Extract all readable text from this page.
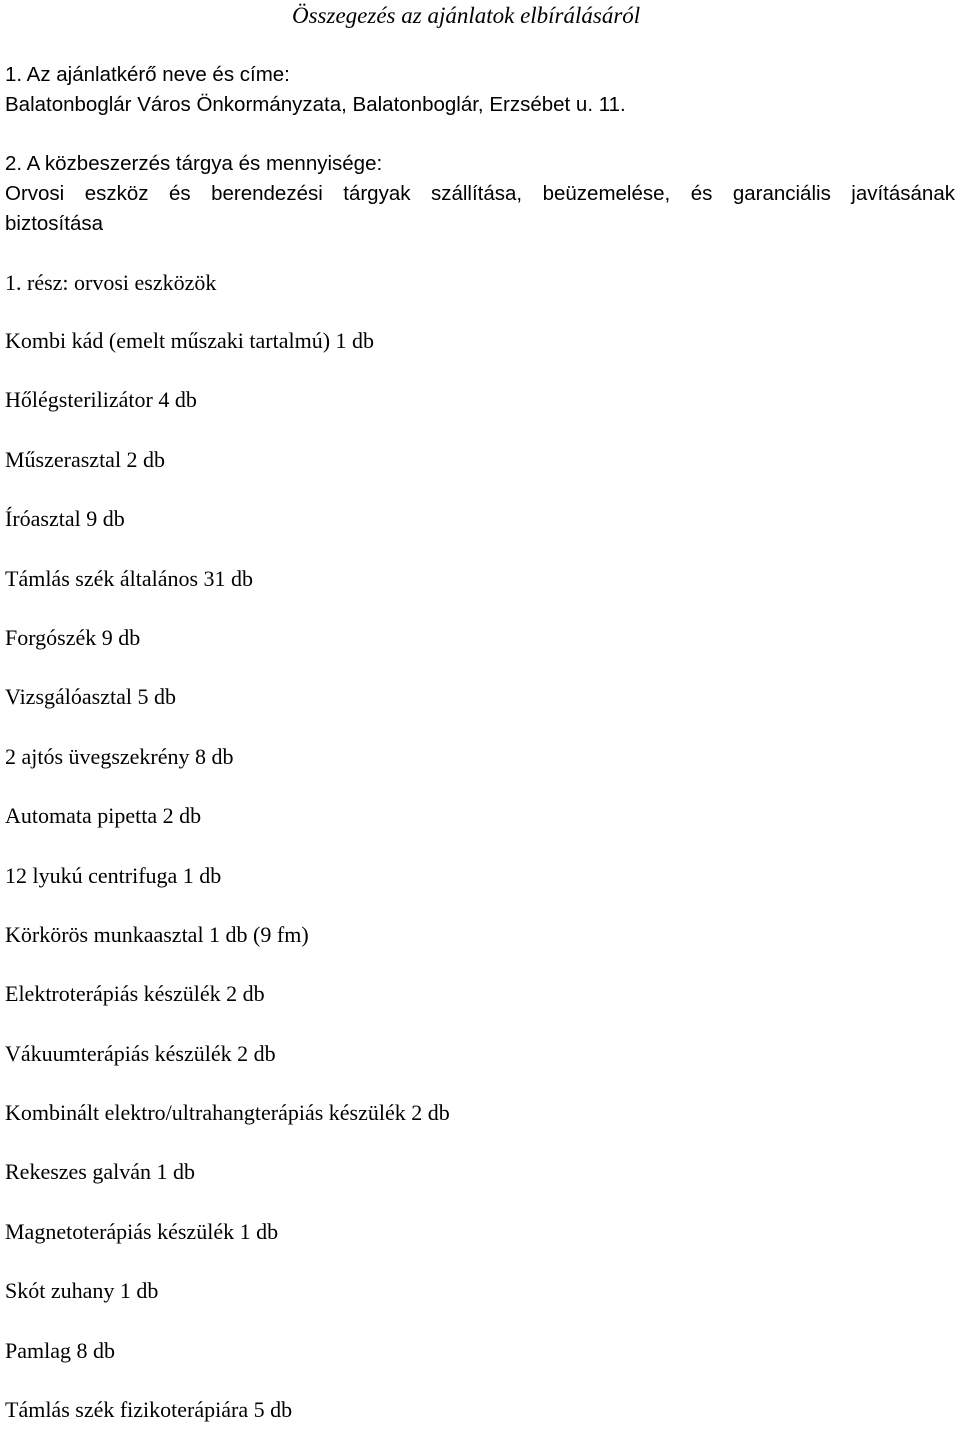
Összegezés az ajánlatok elbírálásáról
1. Az ajánlatkérő neve és címe:
Balatonboglár Város Önkormányzata, Balatonboglár, Erzsébet u. 11.
2. A közbeszerzés tárgya és mennyisége:
Orvosi eszköz és berendezési tárgyak szállítása, beüzemelése, és garanciális javításának
biztosítása
1. rész: orvosi eszközök
Kombi kád (emelt műszaki tartalmú) 1 db
Hőlégsterilizátor 4 db
Műszerasztal 2 db
Íróasztal 9 db
Támlás szék általános 31 db
Forgószék 9 db
Vizsgálóasztal 5 db
2 ajtós üvegszekrény 8 db
Automata pipetta 2 db
12 lyukú centrifuga 1 db
Körkörös munkaasztal 1 db (9 fm)
Elektroterápiás készülék 2 db
Vákuumterápiás készülék 2 db
Kombinált elektro/ultrahangterápiás készülék 2 db
Rekeszes galván 1 db
Magnetoterápiás készülék 1 db
Skót zuhany 1 db
Pamlag 8 db
Támlás szék fizikoterápiára 5 db
